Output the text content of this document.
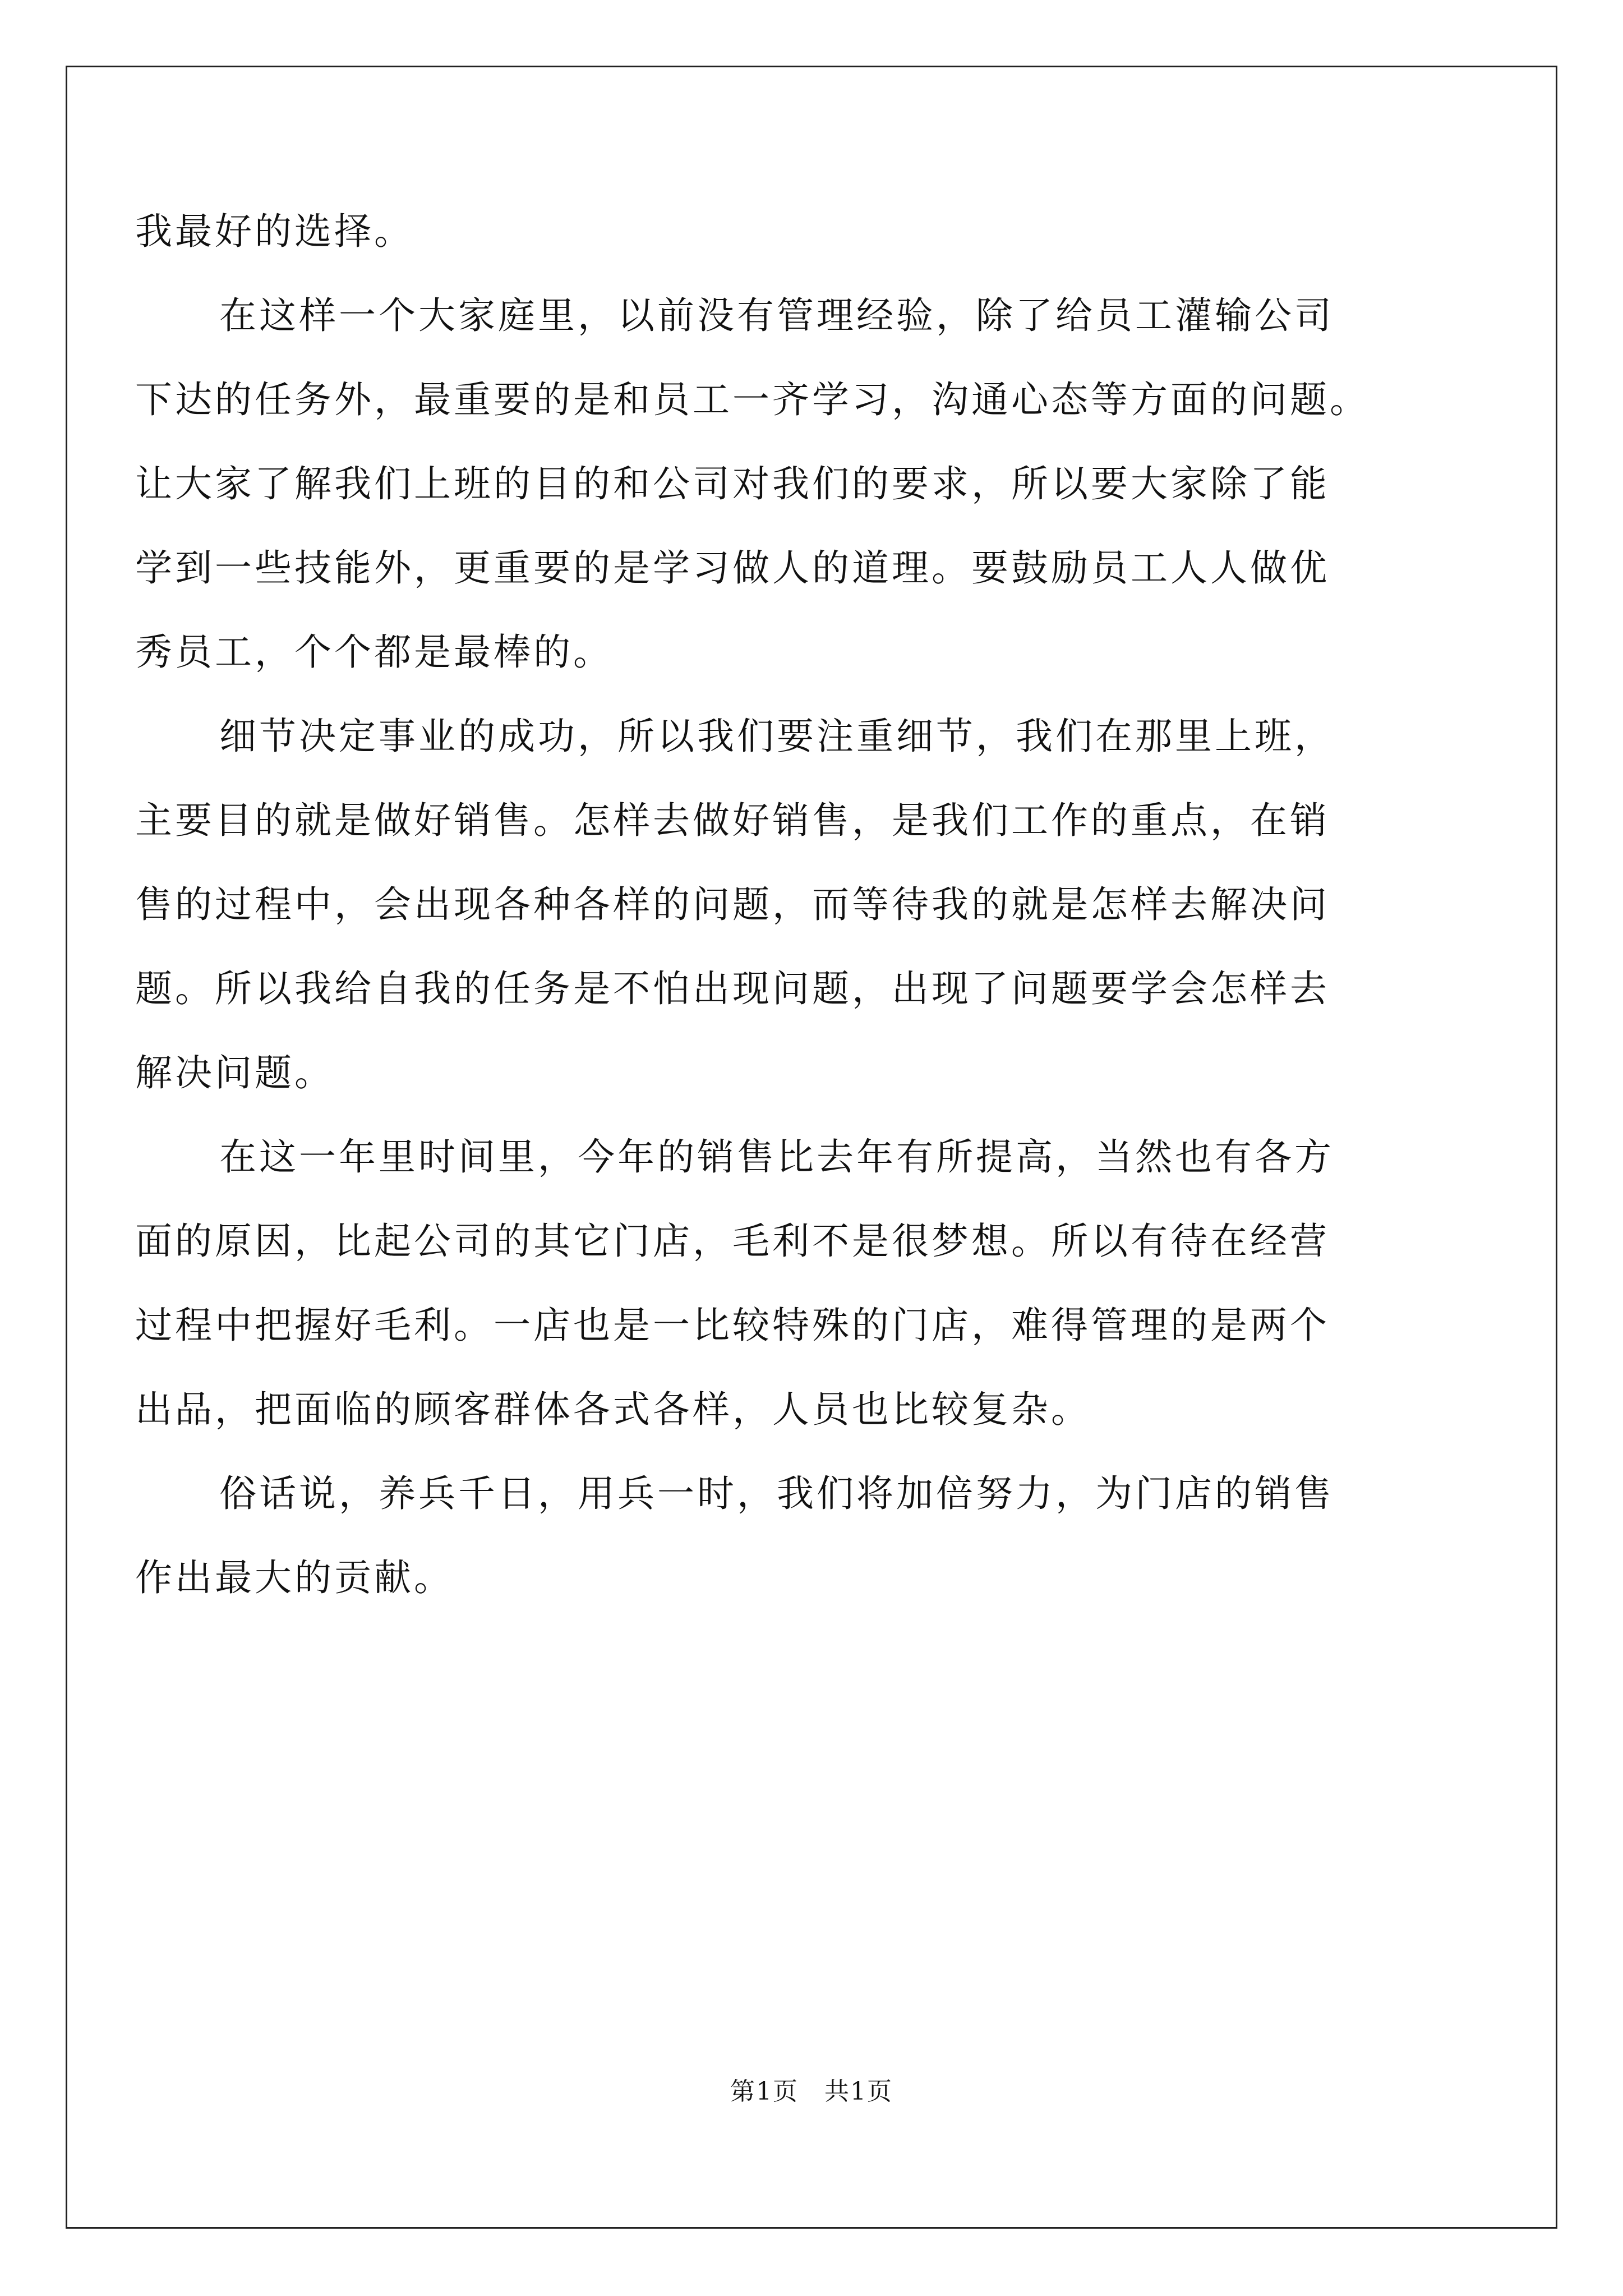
我最好的选择。
在这样一个大家庭里，以前没有管理经验，除了给员工灌输公司
下达的任务外，最重要的是和员工一齐学习，沟通心态等方面的问题。
让大家了解我们上班的目的和公司对我们的要求，所以要大家除了能
学到一些技能外，更重要的是学习做人的道理。要鼓励员工人人做优
秀员工，个个都是最棒的。
细节决定事业的成功，所以我们要注重细节，我们在那里上班，
主要目的就是做好销售。怎样去做好销售，是我们工作的重点，在销
售的过程中，会出现各种各样的问题，而等待我的就是怎样去解决问
题。所以我给自我的任务是不怕出现问题，出现了问题要学会怎样去
解决问题。
在这一年里时间里，今年的销售比去年有所提高，当然也有各方
面的原因，比起公司的其它门店，毛利不是很梦想。所以有待在经营
过程中把握好毛利。一店也是一比较特殊的门店，难得管理的是两个
出品，把面临的顾客群体各式各样，人员也比较复杂。
俗话说，养兵千日，用兵一时，我们将加倍努力，为门店的销售
作出最大的贡献。
第1页　共1页
